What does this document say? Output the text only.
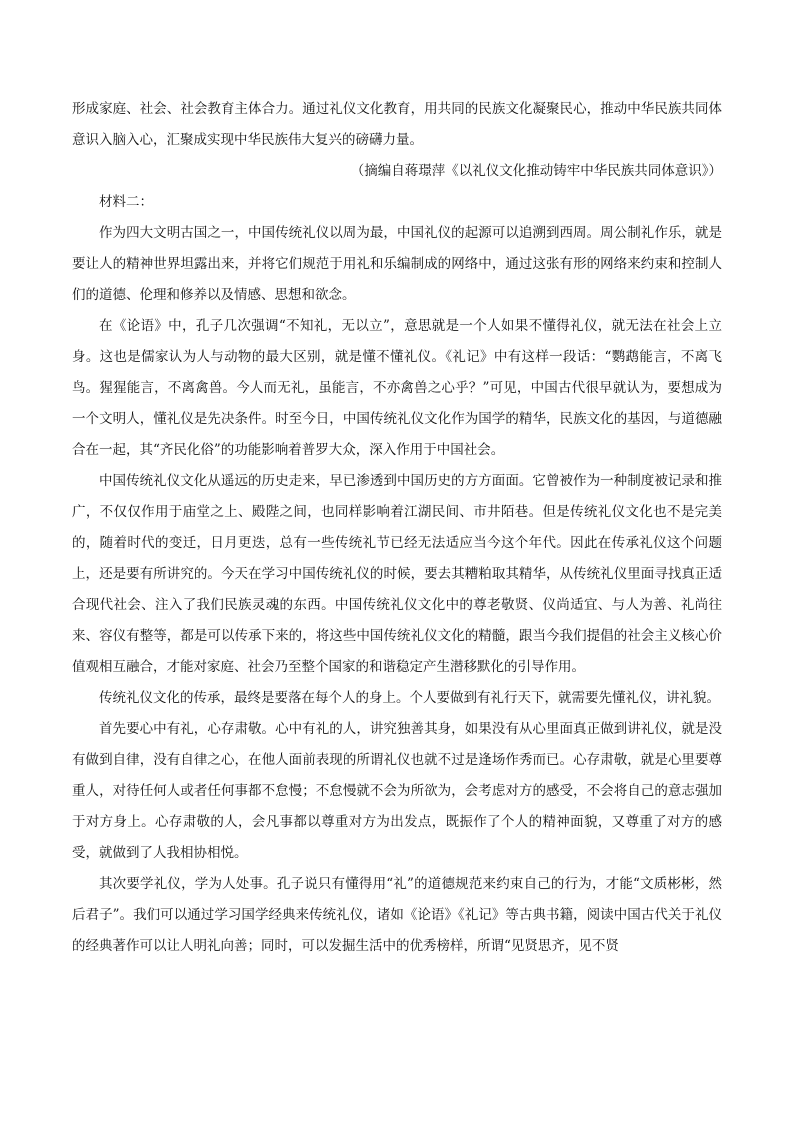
形成家庭、社会、社会教育主体合力。通过礼仪文化教育，用共同的民族文化凝聚民心，推动中华民族共同体意识入脑入心，汇聚成实现中华民族伟大复兴的磅礴力量。

（摘编自蒋璟萍《以礼仪文化推动铸牢中华民族共同体意识》）

材料二：

作为四大文明古国之一，中国传统礼仪以周为最，中国礼仪的起源可以追溯到西周。周公制礼作乐，就是要让人的精神世界坦露出来，并将它们规范于用礼和乐编制成的网络中，通过这张有形的网络来约束和控制人们的道德、伦理和修养以及情感、思想和欲念。

在《论语》中，孔子几次强调“不知礼，无以立”，意思就是一个人如果不懂得礼仪，就无法在社会上立身。这也是儒家认为人与动物的最大区别，就是懂不懂礼仪。《礼记》中有这样一段话：“鹦鹉能言，不离飞鸟。猩猩能言，不离禽兽。今人而无礼，虽能言，不亦禽兽之心乎？”可见，中国古代很早就认为，要想成为一个文明人，懂礼仪是先决条件。时至今日，中国传统礼仪文化作为国学的精华，民族文化的基因，与道德融合在一起，其“齐民化俗”的功能影响着普罗大众，深入作用于中国社会。

中国传统礼仪文化从遥远的历史走来，早已渗透到中国历史的方方面面。它曾被作为一种制度被记录和推广，不仅仅作用于庙堂之上、殿陛之间，也同样影响着江湖民间、市井陌巷。但是传统礼仪文化也不是完美的，随着时代的变迁，日月更迭，总有一些传统礼节已经无法适应当今这个年代。因此在传承礼仪这个问题上，还是要有所讲究的。今天在学习中国传统礼仪的时候，要去其糟粕取其精华，从传统礼仪里面寻找真正适合现代社会、注入了我们民族灵魂的东西。中国传统礼仪文化中的尊老敬贤、仪尚适宜、与人为善、礼尚往来、容仪有整等，都是可以传承下来的，将这些中国传统礼仪文化的精髓，跟当今我们提倡的社会主义核心价值观相互融合，才能对家庭、社会乃至整个国家的和谐稳定产生潜移默化的引导作用。

传统礼仪文化的传承，最终是要落在每个人的身上。个人要做到有礼行天下，就需要先懂礼仪，讲礼貌。

首先要心中有礼，心存肃敬。心中有礼的人，讲究独善其身，如果没有从心里面真正做到讲礼仪，就是没有做到自律，没有自律之心，在他人面前表现的所谓礼仪也就不过是逢场作秀而已。心存肃敬，就是心里要尊重人，对待任何人或者任何事都不怠慢；不怠慢就不会为所欲为，会考虑对方的感受，不会将自己的意志强加于对方身上。心存肃敬的人，会凡事都以尊重对方为出发点，既振作了个人的精神面貌，又尊重了对方的感受，就做到了人我相协相悦。

其次要学礼仪，学为人处事。孔子说只有懂得用“礼”的道德规范来约束自己的行为，才能“文质彬彬，然后君子”。我们可以通过学习国学经典来传统礼仪，诸如《论语》《礼记》等古典书籍，阅读中国古代关于礼仪的经典著作可以让人明礼向善；同时，可以发掘生活中的优秀榜样，所谓“见贤思齐，见不贤
